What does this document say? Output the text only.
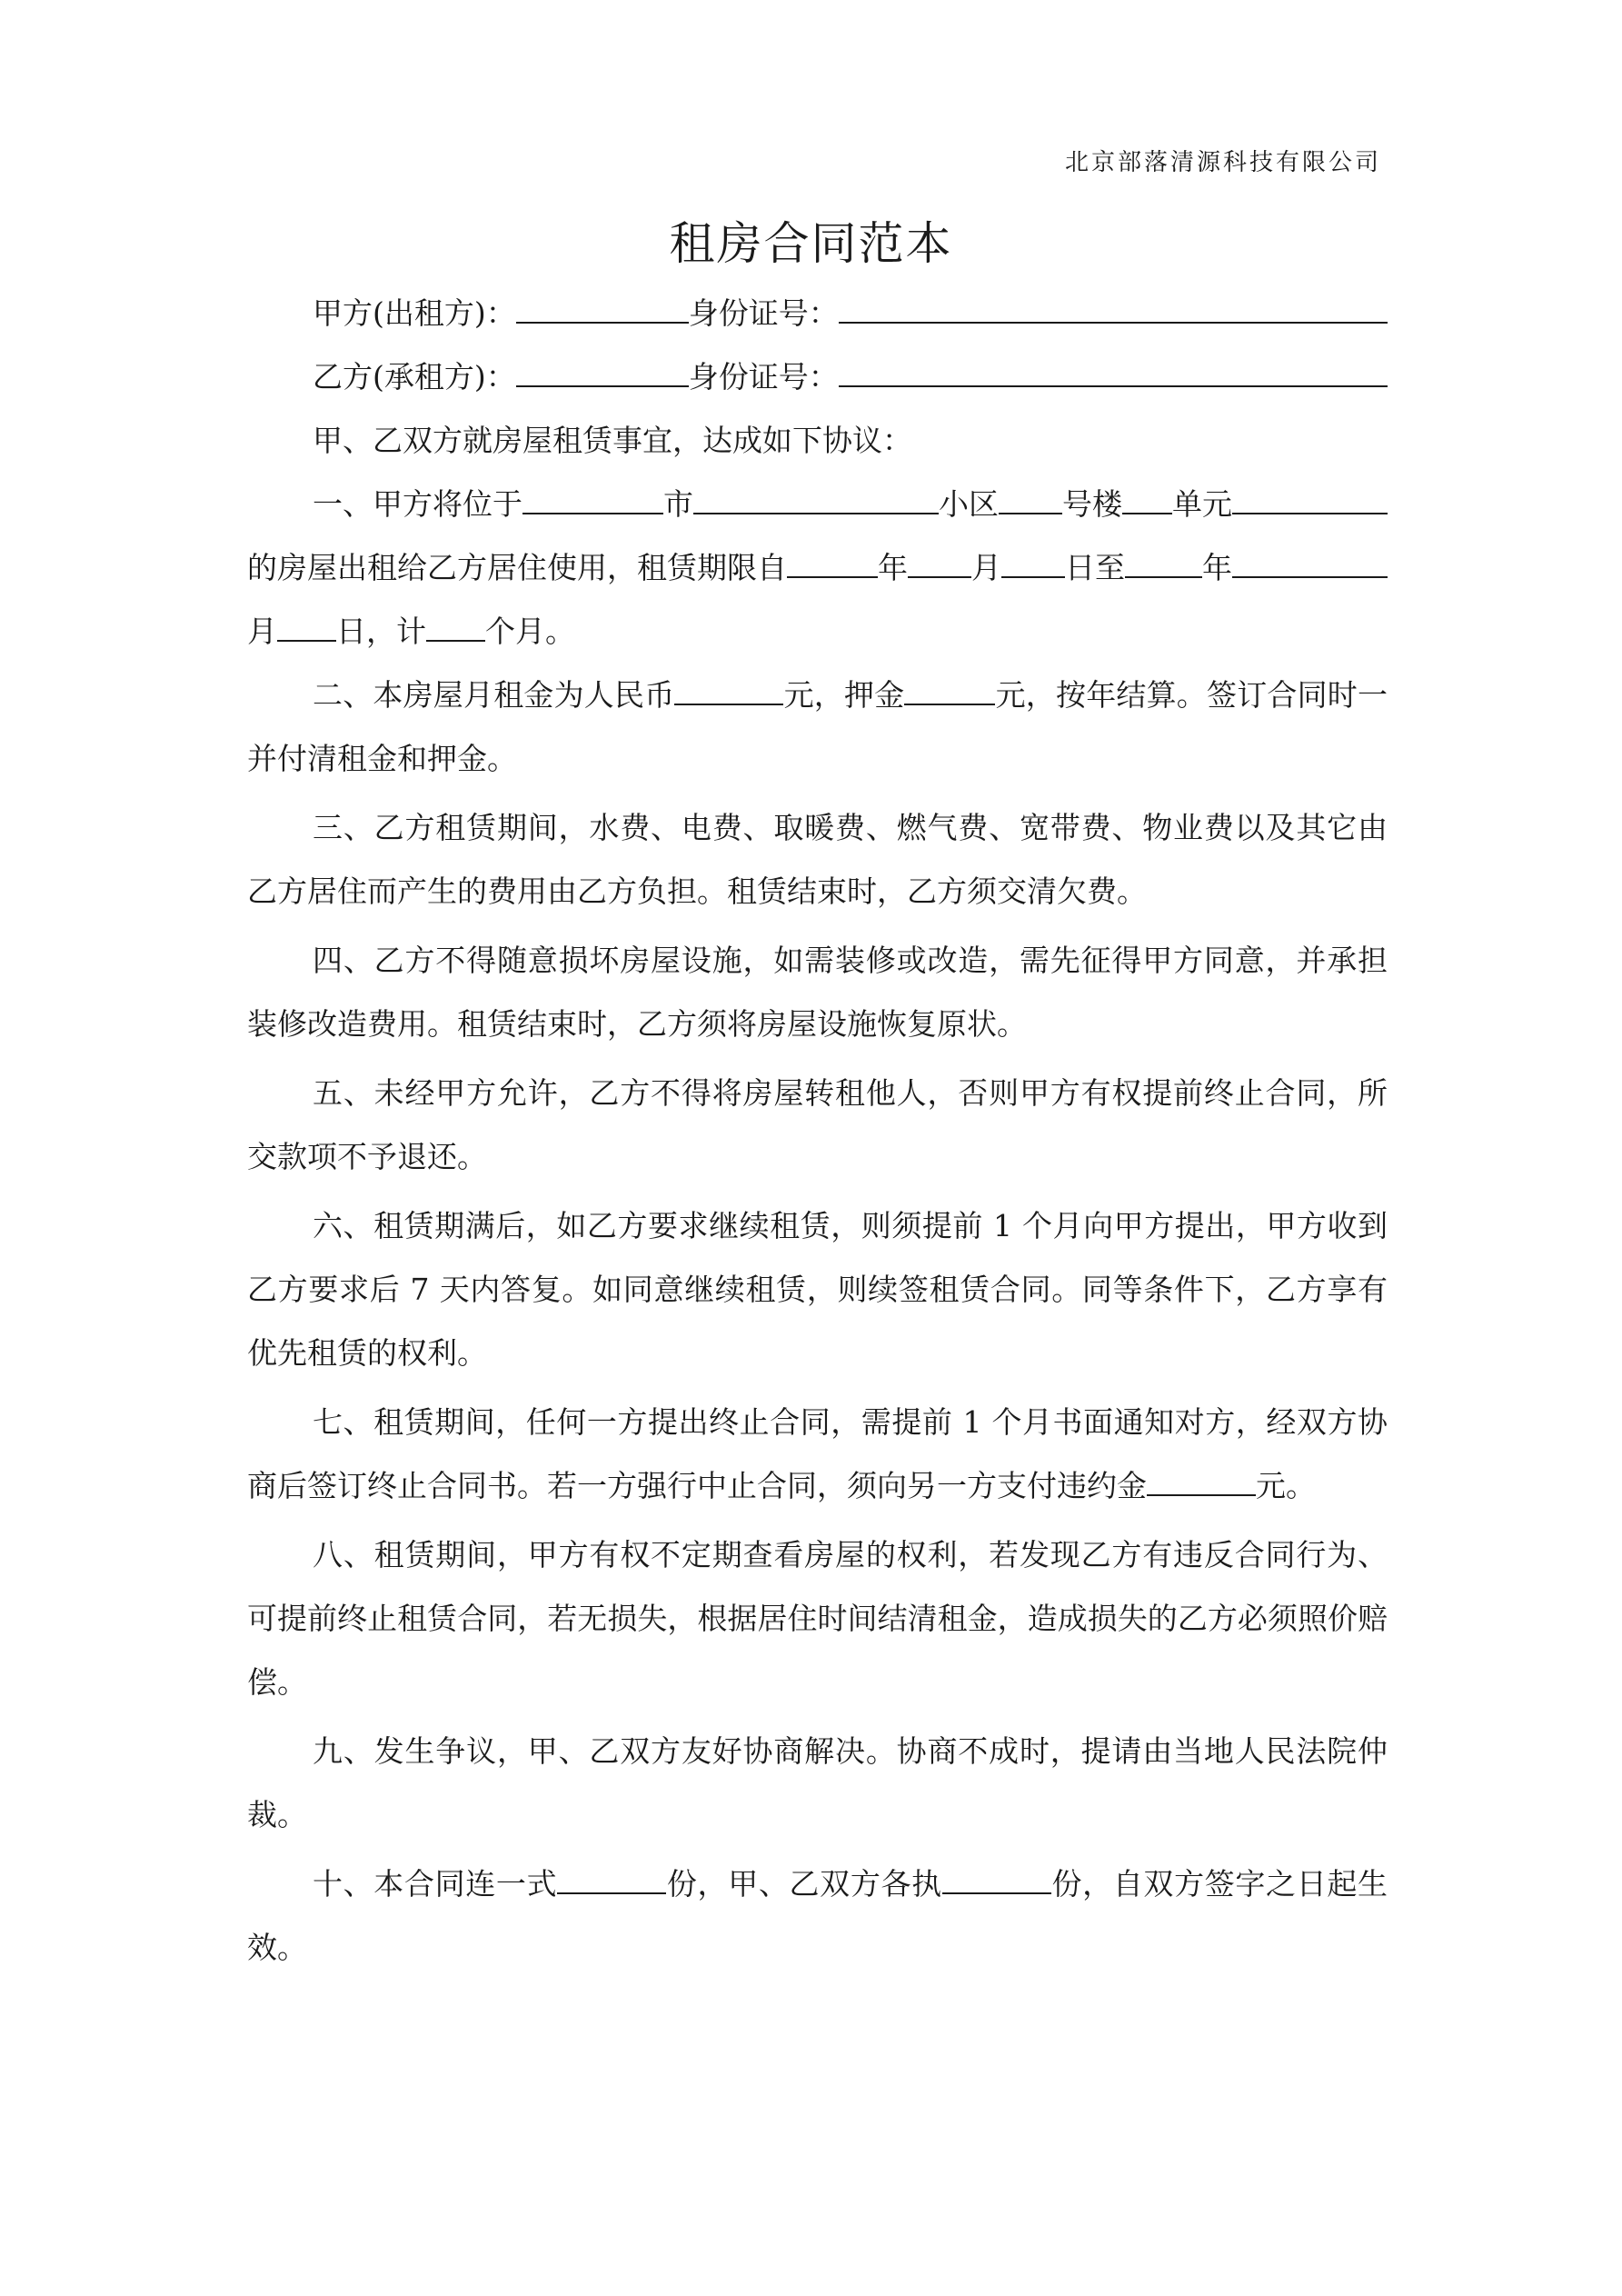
北京部落清源科技有限公司
租房合同范本
甲方(出租方)：	身份证号：
乙方(承租方)：	身份证号：
甲、乙双方就房屋租赁事宜，达成如下协议：
一、甲方将位于	市	小区 号楼 单元
的房屋出租给乙方居住使用，租赁期限自	年 月 日至	年
月 日，计 个月。
二、本房屋月租金为人民币	元，押金	元，按年结算。签订合同时一并付清租金和押金。
三、乙方租赁期间，水费、电费、取暖费、燃气费、宽带费、物业费以及其它由乙方居住而产生的费用由乙方负担。租赁结束时，乙方须交清欠费。
四、乙方不得随意损坏房屋设施，如需装修或改造，需先征得甲方同意，并承担装修改造费用。租赁结束时，乙方须将房屋设施恢复原状。
五、未经甲方允许，乙方不得将房屋转租他人，否则甲方有权提前终止合同，所交款项不予退还。
六、租赁期满后，如乙方要求继续租赁，则须提前 1 个月向甲方提出，甲方收到乙方要求后 7 天内答复。如同意继续租赁，则续签租赁合同。同等条件下，乙方享有优先租赁的权利。
七、租赁期间，任何一方提出终止合同，需提前 1 个月书面通知对方，经双方协商后签订终止合同书。若一方强行中止合同，须向另一方支付违约金	元。
八、租赁期间，甲方有权不定期查看房屋的权利，若发现乙方有违反合同行为、可提前终止租赁合同，若无损失，根据居住时间结清租金，造成损失的乙方必须照价赔偿。
九、发生争议，甲、乙双方友好协商解决。协商不成时，提请由当地人民法院仲裁。
十、本合同连一式	份，甲、乙双方各执	份，自双方签字之日起生效。
